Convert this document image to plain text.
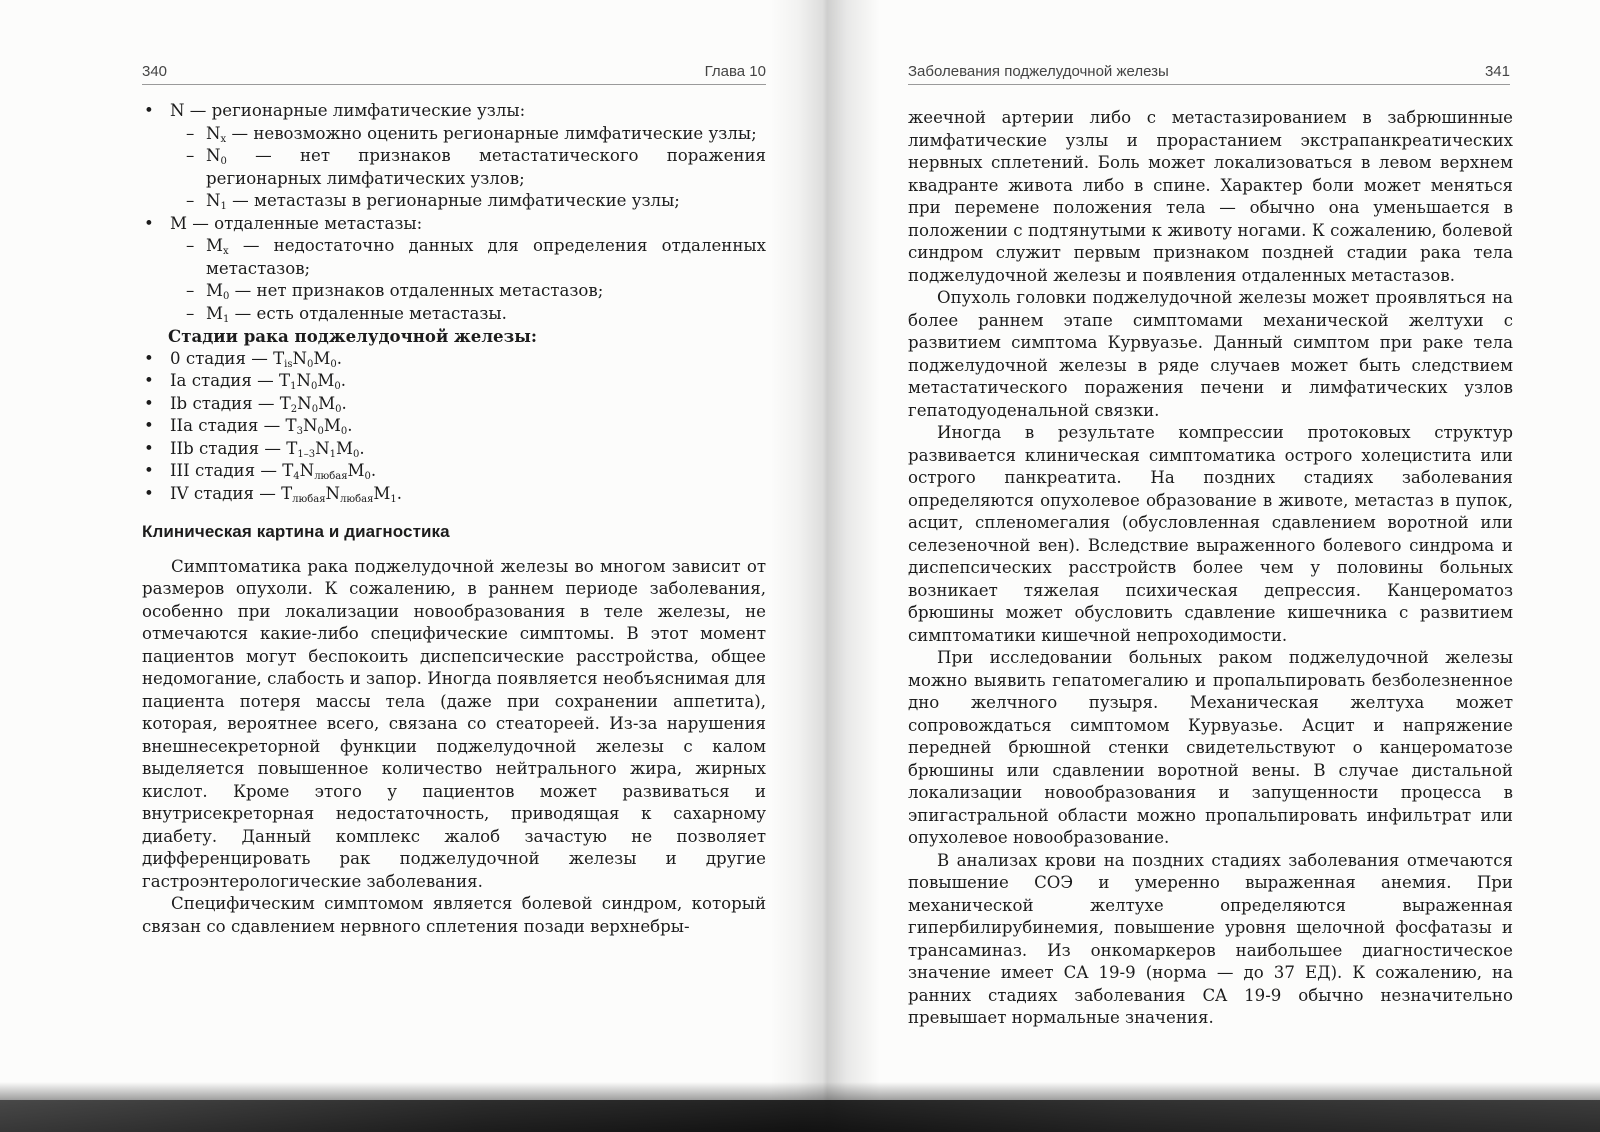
340	Глава 10
• N — регионарные лимфатические узлы:
– $N_x$ — невозможно оценить регионарные лимфатические узлы;
– $N_0$ — нет признаков метастатического поражения регионарных лимфатических узлов;
– $N_1$ — метастазы в регионарные лимфатические узлы;
• M — отдаленные метастазы:
– $M_x$ — недостаточно данных для определения отдаленных метастазов;
– $M_0$ — нет признаков отдаленных метастазов;
– $M_1$ — есть отдаленные метастазы.

Стадии рака поджелудочной железы:

• 0 стадия — $T_{is}N_0M_0$.
• Ia стадия — $T_1N_0M_0$.
• Ib стадия — $T_2N_0M_0$.
• IIa стадия — $T_3N_0M_0$.
• IIb стадия — $T_{1-3}N_1M_0$.
• III стадия — $T_4N_{любая}M_0$.
• IV стадия — $T_{любая}N_{любая}M_1$.
Клиническая картина и диагностика

Симптоматика рака поджелудочной железы во многом зависит от размеров опухоли. К сожалению, в раннем периоде заболевания, особенно при локализации новообразования в теле железы, не отмечаются какие-либо специфические симптомы. В этот момент пациентов могут беспокоить диспепсические расстройства, общее недомогание, слабость и запор. Иногда появляется необъяснимая для пациента потеря массы тела (даже при сохранении аппетита), которая, вероятнее всего, связана со стеатореей. Из-за нарушения внешнесекреторной функции поджелудочной железы с калом выделяется повышенное количество нейтрального жира, жирных кислот. Кроме этого у пациентов может развиваться и внутрисекреторная недостаточность, приводящая к сахарному диабету. Данный комплекс жалоб зачастую не позволяет дифференцировать рак поджелудочной железы и другие гастроэнтерологические заболевания.

Специфическим симптомом является болевой синдром, который связан со сдавлением нервного сплетения позади верхнебры-

Заболевания поджелудочной железы	341

жеечной артерии либо с метастазированием в забрюшинные лимфатические узлы и прорастанием экстрапанкреатических нервных сплетений. Боль может локализоваться в левом верхнем квадранте живота либо в спине. Характер боли может меняться при перемене положения тела — обычно она уменьшается в положении с подтянутыми к животу ногами. К сожалению, болевой синдром служит первым признаком поздней стадии рака тела поджелудочной железы и появления отдаленных метастазов.

Опухоль головки поджелудочной железы может проявляться на более раннем этапе симптомами механической желтухи с развитием симптома Курвуазье. Данный симптом при раке тела поджелудочной железы в ряде случаев может быть следствием метастатического поражения печени и лимфатических узлов гепатодуоденальной связки.

Иногда в результате компрессии протоковых структур развивается клиническая симптоматика острого холецистита или острого панкреатита. На поздних стадиях заболевания определяются опухолевое образование в животе, метастаз в пупок, асцит, спленомегалия (обусловленная сдавлением воротной или селезеночной вен). Вследствие выраженного болевого синдрома и диспепсических расстройств более чем у половины больных возникает тяжелая психическая депрессия. Канцероматоз брюшины может обусловить сдавление кишечника с развитием симптоматики кишечной непроходимости.

При исследовании больных раком поджелудочной железы можно выявить гепатомегалию и пропальпировать безболезненное дно желчного пузыря. Механическая желтуха может сопровождаться симптомом Курвуазье. Асцит и напряжение передней брюшной стенки свидетельствуют о канцероматозе брюшины или сдавлении воротной вены. В случае дистальной локализации новообразования и запущенности процесса в эпигастральной области можно пропальпировать инфильтрат или опухолевое новообразование.

В анализах крови на поздних стадиях заболевания отмечаются повышение СОЭ и умеренно выраженная анемия. При механической желтухе определяются выраженная гипербилирубинемия, повышение уровня щелочной фосфатазы и трансаминаз. Из онкомаркеров наибольшее диагностическое значение имеет CA 19-9 (норма — до 37 ЕД). К сожалению, на ранних стадиях заболевания CA 19-9 обычно незначительно превышает нормальные значения.
